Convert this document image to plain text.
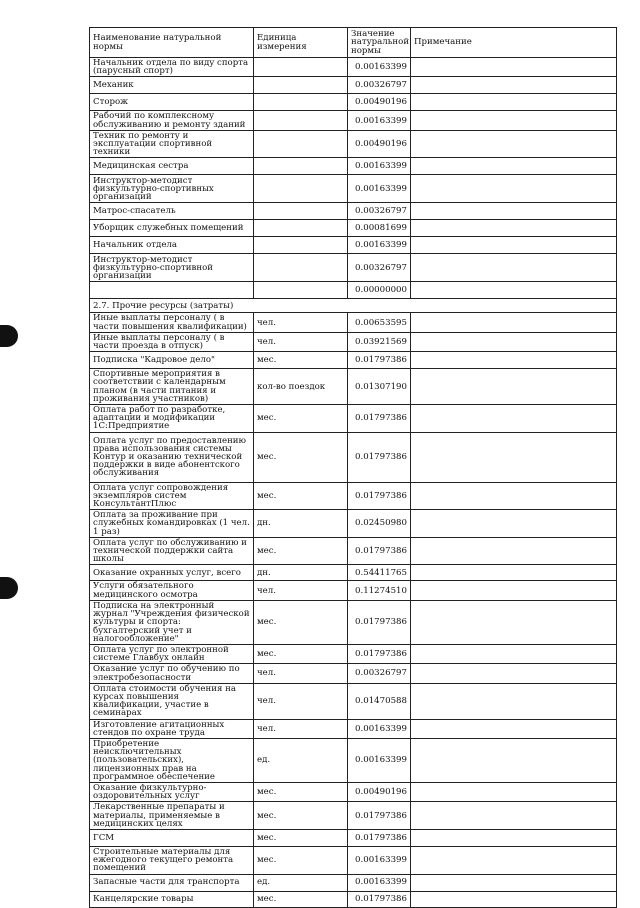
Наименование натуральной нормы	Единица измерения	Значение натуральной нормы	Примечание
Начальник отдела по виду спорта (парусный спорт)		0.00163399	
Механик		0.00326797	
Сторож		0.00490196	
Рабочий по комплексному обслуживанию и ремонту зданий		0.00163399	
Техник по ремонту и эксплуатации спортивной техники		0.00490196	
Медицинская сестра		0.00163399	
Инструктор-методист физкультурно-спортивных организаций		0.00163399	
Матрос-спасатель		0.00326797	
Уборщик служебных помещений		0.00081699	
Начальник отдела		0.00163399	
Инструктор-методист физкультурно-спортивной организации		0.00326797	
		0.00000000	
2.7. Прочие ресурсы (затраты)			
Иные выплаты персоналу ( в части повышения квалификации)	чел.	0.00653595	
Иные выплаты персоналу ( в части проезда в отпуск)	чел.	0.03921569	
Подписка "Кадровое дело"	мес.	0.01797386	
Спортивные мероприятия в соответствии с календарным планом (в части питания и проживания участников)	кол-во поездок	0.01307190	
Оплата работ по разработке, адаптации и модификации 1С:Предприятие	мес.	0.01797386	
Оплата услуг по предоставлению права использования системы Контур и оказанию технической поддержки в виде абонентского обслуживания	мес.	0.01797386	
Оплата услуг сопровождения экземпляров систем КонсультантПлюс	мес.	0.01797386	
Оплата за проживание при служебных командировках (1 чел. 1 раз)	дн.	0.02450980	
Оплата услуг по обслуживанию и технической поддержки сайта школы	мес.	0.01797386	
Оказание охранных услуг, всего	дн.	0.54411765	
Услуги обязательного медицинского осмотра	чел.	0.11274510	
Подписка на электронный журнал "Учреждения физической культуры и спорта: бухгалтерский учет и налогообложение"	мес.	0.01797386	
Оплата услуг по электронной системе Главбух онлайн	мес.	0.01797386	
Оказание услуг по обучению по электробезопасности	чел.	0.00326797	
Оплата стоимости обучения на курсах повышения квалификации, участие в семинарах	чел.	0.01470588	
Изготовление агитационных стендов по охране труда	чел.	0.00163399	
Приобретение неисключительных (пользовательских), лицензионных прав на программное обеспечение	ед.	0.00163399	
Оказание физкультурно-оздоровительных услуг	мес.	0.00490196	
Лекарственные препараты и материалы, применяемые в медицинских целях	мес.	0.01797386	
ГСМ	мес.	0.01797386	
Строительные материалы для ежегодного текущего ремонта помещений	мес.	0.00163399	
Запасные части для транспорта	ед.	0.00163399	
Канцелярские товары	мес.	0.01797386	
